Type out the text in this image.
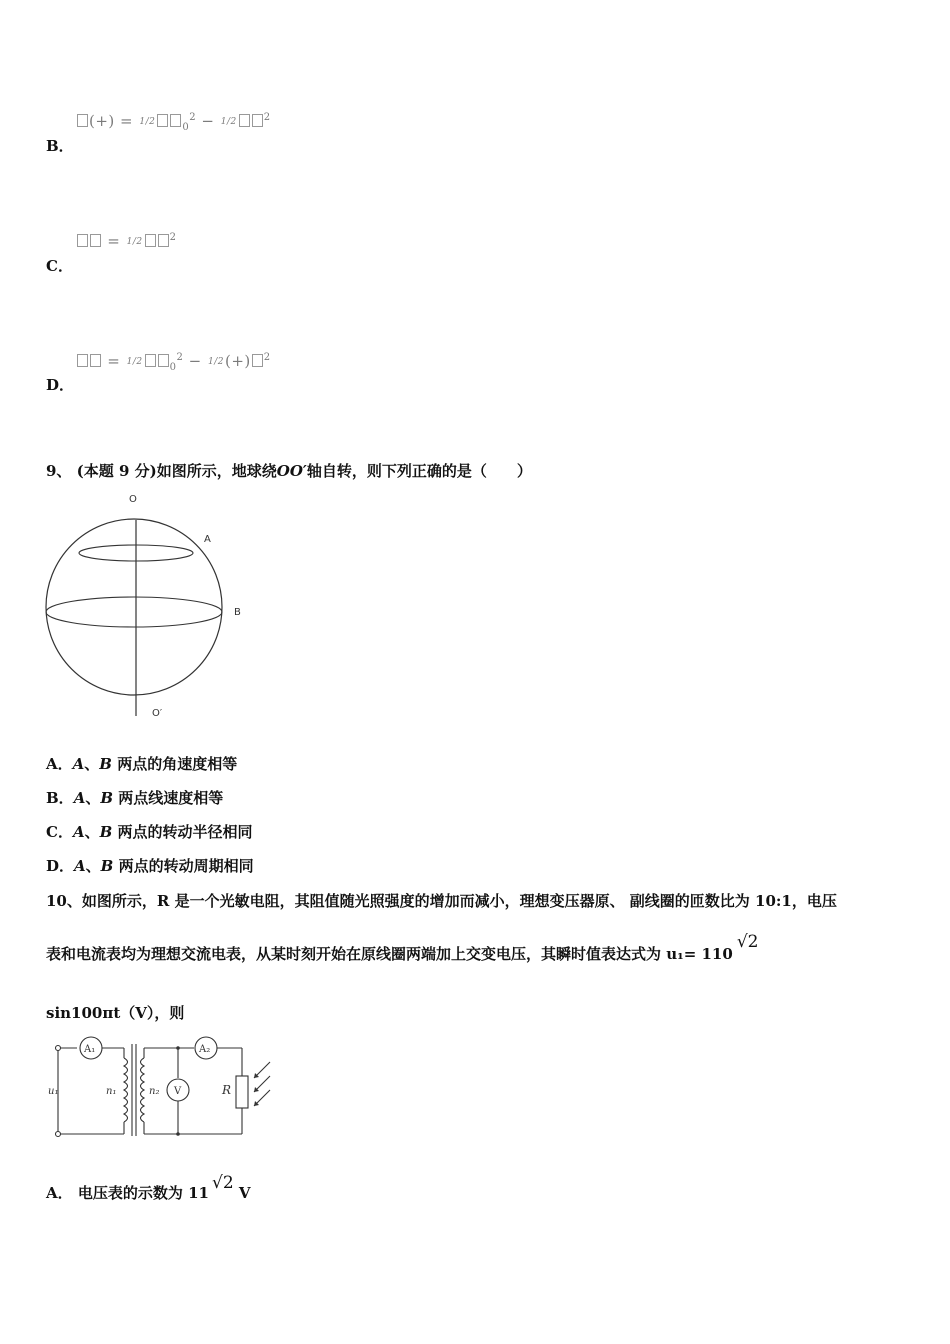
(+) = 1/2	$_0^2$ − 1/2	$^2$
B．
= 1/2	$^2$
C．
= 1/2	$_0^2$ − 1/2(+) $^2$
D．
9、 (本题 9 分)如图所示，地球绕OO′轴自转，则下列正确的是（　　）
O
A
B
O′
A．A、B 两点的角速度相等
B．A、B 两点线速度相等
C．A、B 两点的转动半径相同
D．A、B 两点的转动周期相同
10、如图所示，R 是一个光敏电阻，其阻值随光照强度的增加而减小，理想变压器原、 副线圈的匝数比为 10:1，电压
表和电流表均为理想交流电表，从某时刻开始在原线圈两端加上交变电压，其瞬时值表达式为 u₁= 110√2
sin100πt（V），则
A₁	A₂
V
u₁	n₁	n₂	R
A． 电压表的示数为 11 √2 V
